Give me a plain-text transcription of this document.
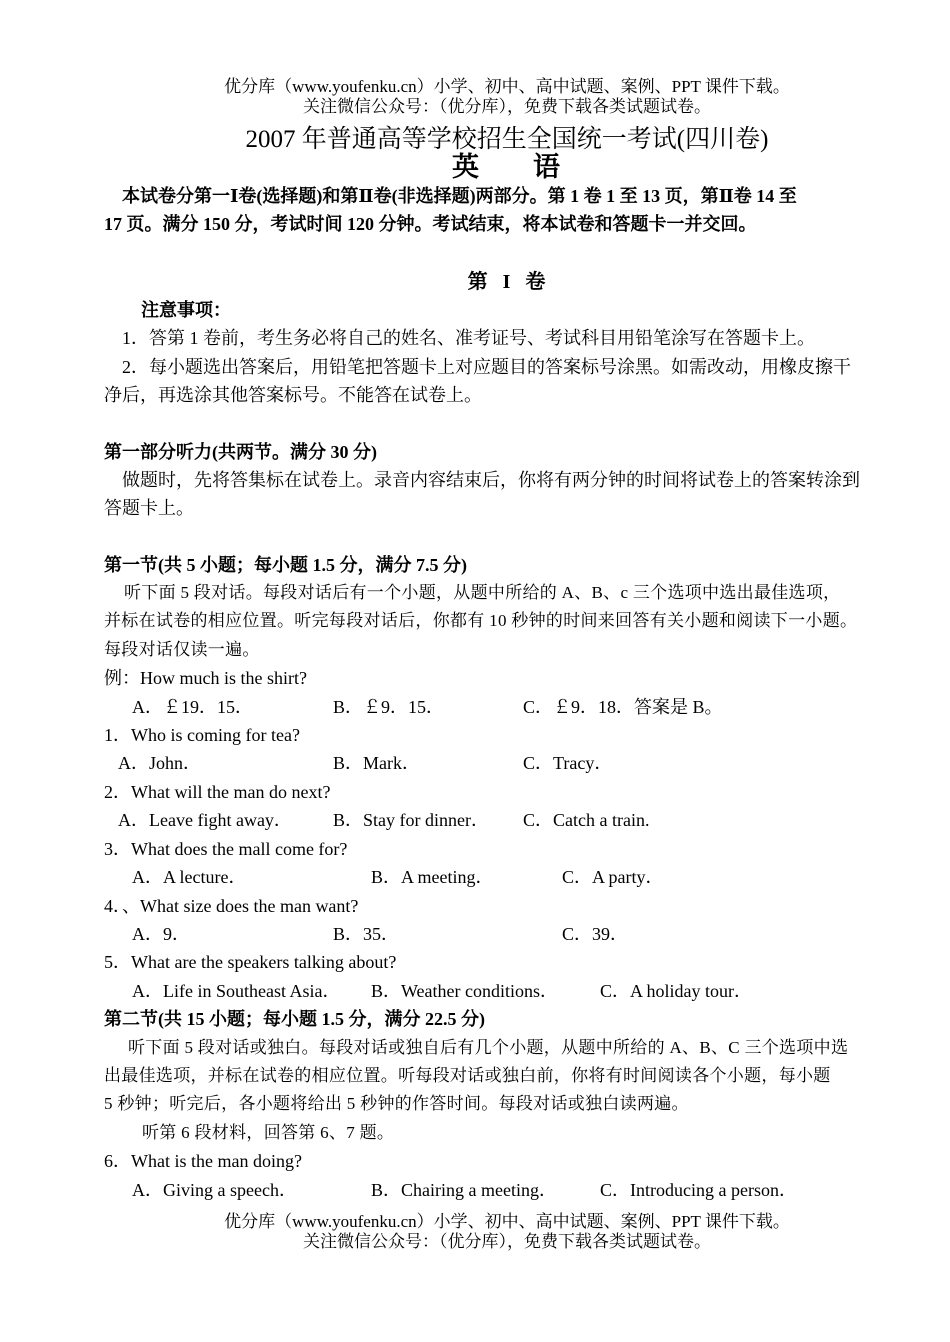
优分库（www.youfenku.cn）小学、初中、高中试题、案例、PPT 课件下载。
关注微信公众号：（优分库），免费下载各类试题试卷。
2007 年普通高等学校招生全国统一考试(四川卷)
英 语
本试卷分第一Ⅰ卷(选择题)和第Ⅱ卷(非选择题)两部分。第 1 卷 1 至 13 页，第Ⅱ卷 14 至
17 页。满分 150 分，考试时间 120 分钟。考试结束，将本试卷和答题卡一并交回。
第 I 卷
注意事项：
1．答第 1 卷前，考生务必将自己的姓名、准考证号、考试科目用铅笔涂写在答题卡上。
2．每小题选出答案后，用铅笔把答题卡上对应题目的答案标号涂黑。如需改动，用橡皮擦干
净后，再选涂其他答案标号。不能答在试卷上。
第一部分听力(共两节。满分 30 分)
做题时，先将答集标在试卷上。录音内容结束后，你将有两分钟的时间将试卷上的答案转涂到
答题卡上。
第一节(共 5 小题；每小题 1.5 分，满分 7.5 分)
听下面 5 段对话。每段对话后有一个小题，从题中所给的 A、B、c 三个选项中选出最佳选项，
并标在试卷的相应位置。听完每段对话后，你都有 10 秒钟的时间来回答有关小题和阅读下一小题。
每段对话仅读一遍。
例：How much is the shirt?
A．￡19．15．	B．￡9．15．	C．￡9．18．答案是 B。
1．Who is coming for tea?
A．John．	B．Mark．	C．Tracy．
2．What will the man do next?
A．Leave fight away． B．Stay for dinner． C．Catch a train.
3．What does the mall come for?
A．A lecture．	B．A meeting．	C．A party．
4．、What size does the man want?
A．9．	B．35．	C．39．
5．What are the speakers talking about?
A．Life in Southeast Asia． B．Weather conditions． C．A holiday tour．
第二节(共 15 小题；每小题 1.5 分，满分 22.5 分)
听下面 5 段对话或独白。每段对话或独自后有几个小题，从题中所给的 A、B、C 三个选项中选
出最佳选项，并标在试卷的相应位置。听每段对话或独白前，你将有时间阅读各个小题，每小题
5 秒钟；听完后，各小题将给出 5 秒钟的作答时间。每段对话或独白读两遍。
听第 6 段材料，回答第 6、7 题。
6．What is the man doing?
A．Giving a speech．	B．Chairing a meeting． C．Introducing a person．
优分库（www.youfenku.cn）小学、初中、高中试题、案例、PPT 课件下载。
关注微信公众号：（优分库），免费下载各类试题试卷。
